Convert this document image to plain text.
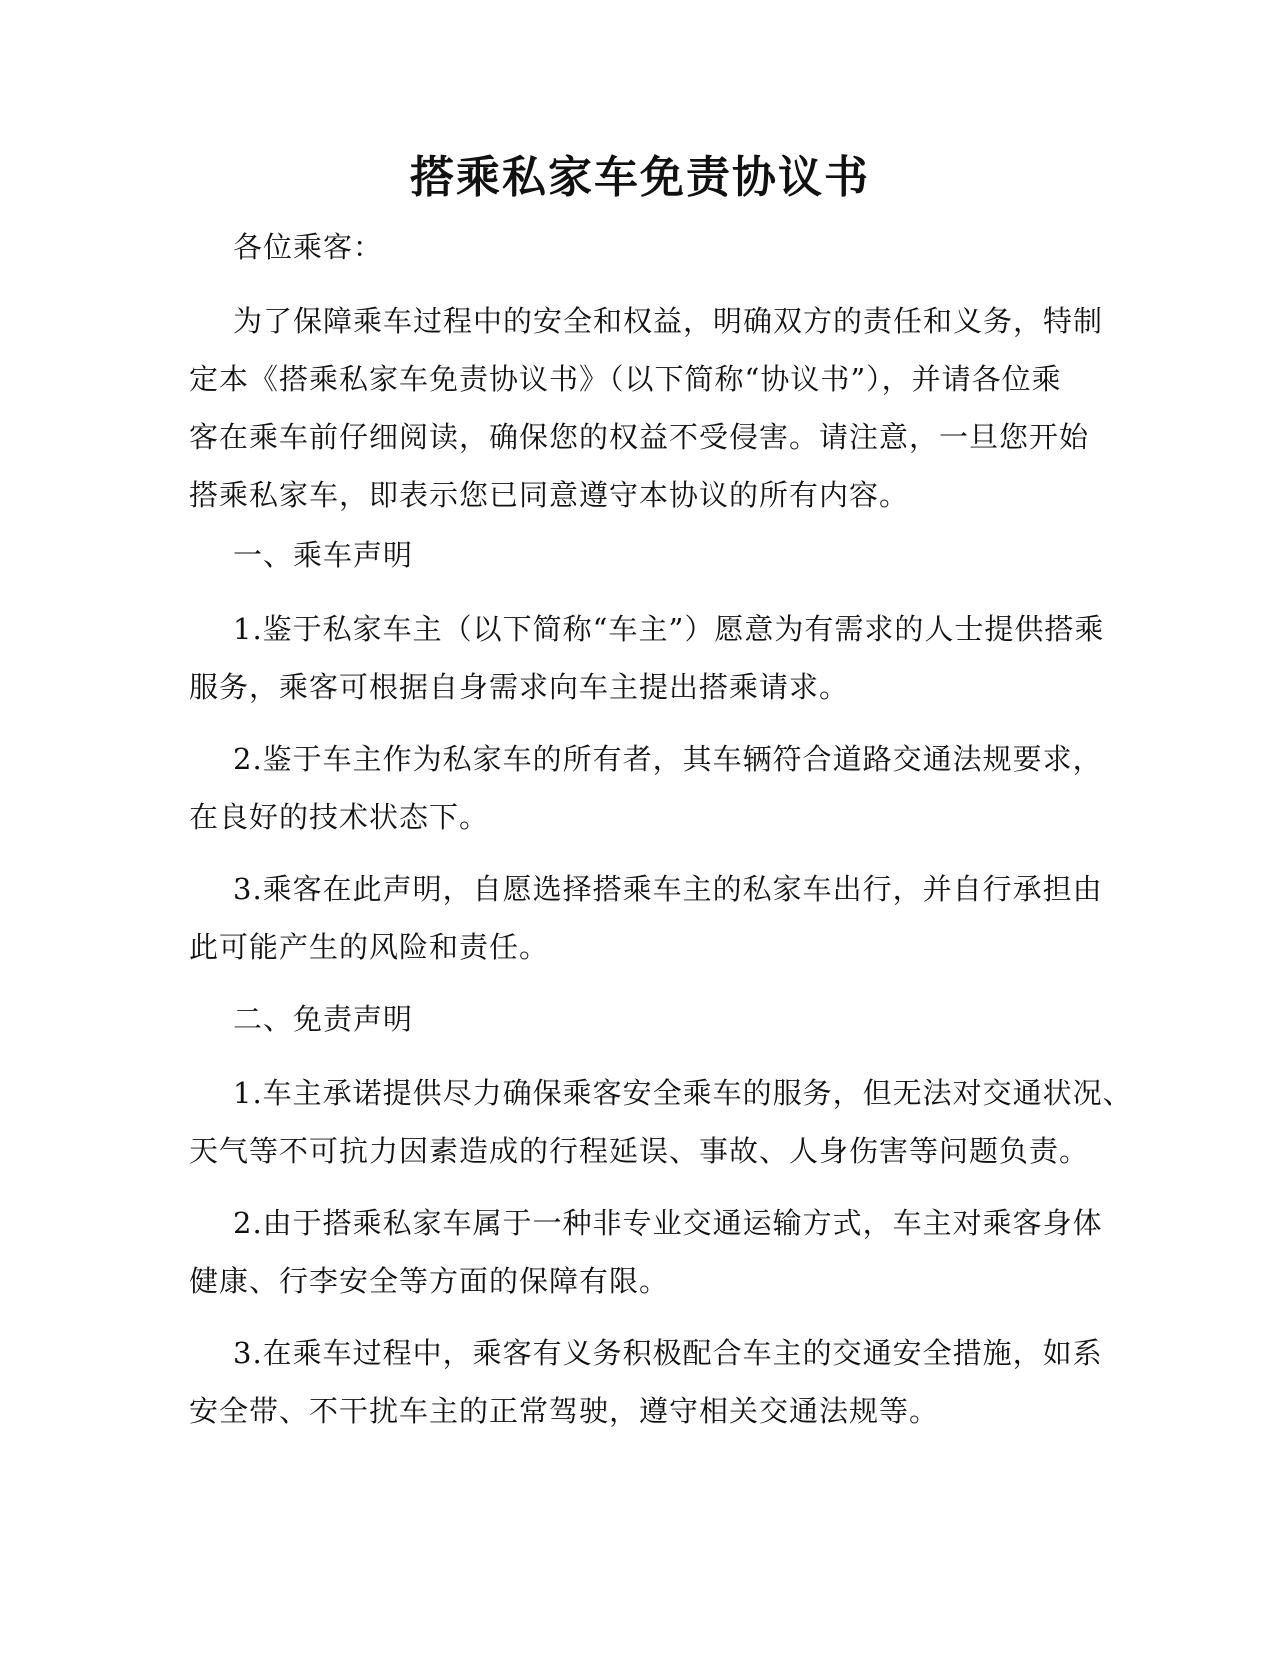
搭乘私家车免责协议书
各位乘客：
为了保障乘车过程中的安全和权益，明确双方的责任和义务，特制
定本《搭乘私家车免责协议书》（以下简称“协议书”），并请各位乘
客在乘车前仔细阅读，确保您的权益不受侵害。请注意，一旦您开始
搭乘私家车，即表示您已同意遵守本协议的所有内容。
一、乘车声明
1.鉴于私家车主（以下简称“车主”）愿意为有需求的人士提供搭乘
服务，乘客可根据自身需求向车主提出搭乘请求。
2.鉴于车主作为私家车的所有者，其车辆符合道路交通法规要求，
在良好的技术状态下。
3.乘客在此声明，自愿选择搭乘车主的私家车出行，并自行承担由
此可能产生的风险和责任。
二、免责声明
1.车主承诺提供尽力确保乘客安全乘车的服务，但无法对交通状况、
天气等不可抗力因素造成的行程延误、事故、人身伤害等问题负责。
2.由于搭乘私家车属于一种非专业交通运输方式，车主对乘客身体
健康、行李安全等方面的保障有限。
3.在乘车过程中，乘客有义务积极配合车主的交通安全措施，如系
安全带、不干扰车主的正常驾驶，遵守相关交通法规等。
